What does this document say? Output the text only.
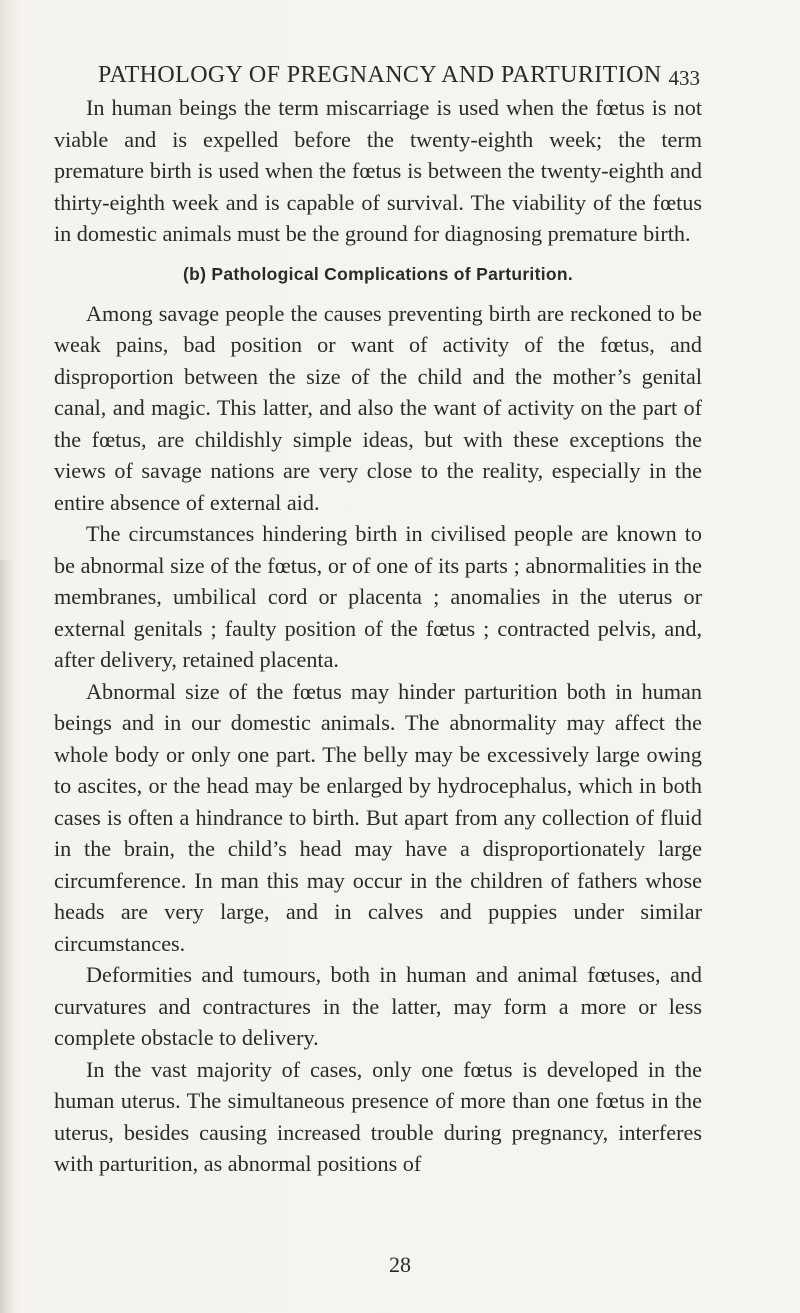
PATHOLOGY OF PREGNANCY AND PARTURITION 433

In human beings the term miscarriage is used when the fœtus is not viable and is expelled before the twenty-eighth week; the term premature birth is used when the fœtus is between the twenty-eighth and thirty-eighth week and is capable of survival. The viability of the fœtus in domestic animals must be the ground for diagnosing premature birth.

(b) Pathological Complications of Parturition.

Among savage people the causes preventing birth are reckoned to be weak pains, bad position or want of activity of the fœtus, and disproportion between the size of the child and the mother’s genital canal, and magic. This latter, and also the want of activity on the part of the fœtus, are childishly simple ideas, but with these exceptions the views of savage nations are very close to the reality, especially in the entire absence of external aid.

The circumstances hindering birth in civilised people are known to be abnormal size of the fœtus, or of one of its parts ; abnormalities in the membranes, umbilical cord or placenta ; anomalies in the uterus or external genitals ; faulty position of the fœtus ; contracted pelvis, and, after delivery, retained placenta.

Abnormal size of the fœtus may hinder parturition both in human beings and in our domestic animals. The abnormality may affect the whole body or only one part. The belly may be excessively large owing to ascites, or the head may be enlarged by hydrocephalus, which in both cases is often a hindrance to birth. But apart from any collection of fluid in the brain, the child’s head may have a disproportionately large circumference. In man this may occur in the children of fathers whose heads are very large, and in calves and puppies under similar circumstances.

Deformities and tumours, both in human and animal fœtuses, and curvatures and contractures in the latter, may form a more or less complete obstacle to delivery.

In the vast majority of cases, only one fœtus is developed in the human uterus. The simultaneous presence of more than one fœtus in the uterus, besides causing increased trouble during pregnancy, interferes with parturition, as abnormal positions of

28
